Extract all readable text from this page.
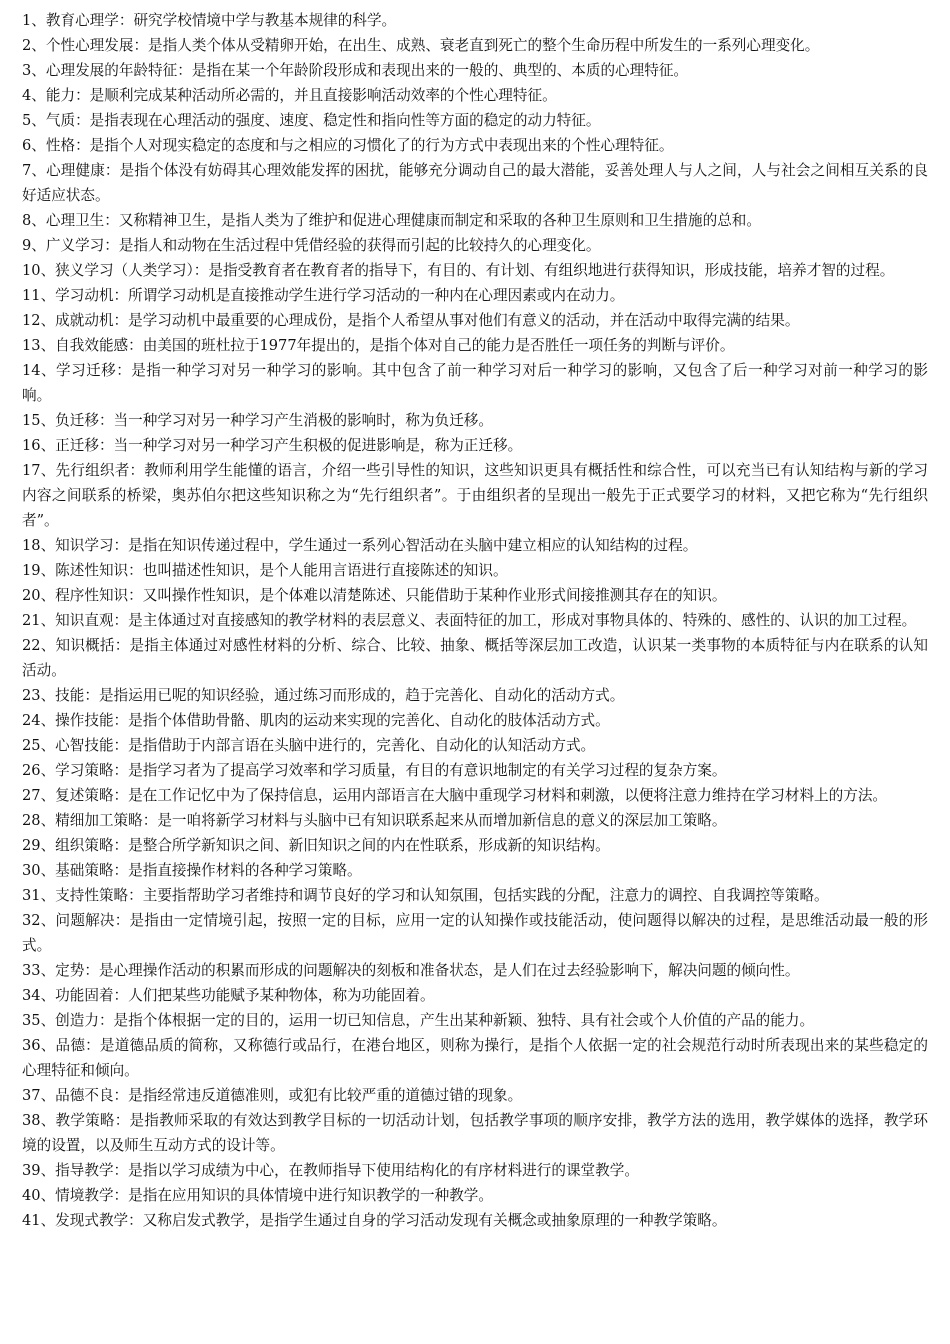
1、教育心理学：研究学校情境中学与教基本规律的科学。

2、个性心理发展：是指人类个体从受精卵开始，在出生、成熟、衰老直到死亡的整个生命历程中所发生的一系列心理变化。

3、心理发展的年龄特征：是指在某一个年龄阶段形成和表现出来的一般的、典型的、本质的心理特征。

4、能力：是顺利完成某种活动所必需的，并且直接影响活动效率的个性心理特征。

5、气质：是指表现在心理活动的强度、速度、稳定性和指向性等方面的稳定的动力特征。

6、性格：是指个人对现实稳定的态度和与之相应的习惯化了的行为方式中表现出来的个性心理特征。

7、心理健康：是指个体没有妨碍其心理效能发挥的困扰，能够充分调动自己的最大潜能，妥善处理人与人之间，人与社会之间相互关系的良好适应状态。

8、心理卫生：又称精神卫生，是指人类为了维护和促进心理健康而制定和采取的各种卫生原则和卫生措施的总和。

9、广义学习：是指人和动物在生活过程中凭借经验的获得而引起的比较持久的心理变化。

10、狭义学习（人类学习）：是指受教育者在教育者的指导下，有目的、有计划、有组织地进行获得知识，形成技能，培养才智的过程。

11、学习动机：所谓学习动机是直接推动学生进行学习活动的一种内在心理因素或内在动力。

12、成就动机：是学习动机中最重要的心理成份，是指个人希望从事对他们有意义的活动，并在活动中取得完满的结果。

13、自我效能感：由美国的班杜拉于1977年提出的，是指个体对自己的能力是否胜任一项任务的判断与评价。

14、学习迁移：是指一种学习对另一种学习的影响。其中包含了前一种学习对后一种学习的影响，又包含了后一种学习对前一种学习的影响。

15、负迁移：当一种学习对另一种学习产生消极的影响时，称为负迁移。

16、正迁移：当一种学习对另一种学习产生积极的促进影响是，称为正迁移。

17、先行组织者：教师利用学生能懂的语言，介绍一些引导性的知识，这些知识更具有概括性和综合性，可以充当已有认知结构与新的学习内容之间联系的桥梁，奥苏伯尔把这些知识称之为“先行组织者”。于由组织者的呈现出一般先于正式要学习的材料，又把它称为“先行组织者”。

18、知识学习：是指在知识传递过程中，学生通过一系列心智活动在头脑中建立相应的认知结构的过程。

19、陈述性知识：也叫描述性知识，是个人能用言语进行直接陈述的知识。

20、程序性知识：又叫操作性知识，是个体难以清楚陈述、只能借助于某种作业形式间接推测其存在的知识。

21、知识直观：是主体通过对直接感知的教学材料的表层意义、表面特征的加工，形成对事物具体的、特殊的、感性的、认识的加工过程。

22、知识概括：是指主体通过对感性材料的分析、综合、比较、抽象、概括等深层加工改造，认识某一类事物的本质特征与内在联系的认知活动。

23、技能：是指运用已呢的知识经验，通过练习而形成的，趋于完善化、自动化的活动方式。

24、操作技能：是指个体借助骨骼、肌肉的运动来实现的完善化、自动化的肢体活动方式。

25、心智技能：是指借助于内部言语在头脑中进行的，完善化、自动化的认知活动方式。

26、学习策略：是指学习者为了提高学习效率和学习质量，有目的有意识地制定的有关学习过程的复杂方案。

27、复述策略：是在工作记忆中为了保持信息，运用内部语言在大脑中重现学习材料和刺激，以便将注意力维持在学习材料上的方法。

28、精细加工策略：是一咱将新学习材料与头脑中已有知识联系起来从而增加新信息的意义的深层加工策略。

29、组织策略：是整合所学新知识之间、新旧知识之间的内在性联系，形成新的知识结构。

30、基础策略：是指直接操作材料的各种学习策略。

31、支持性策略：主要指帮助学习者维持和调节良好的学习和认知氛围，包括实践的分配，注意力的调控、自我调控等策略。

32、问题解决：是指由一定情境引起，按照一定的目标，应用一定的认知操作或技能活动，使问题得以解决的过程，是思维活动最一般的形式。

33、定势：是心理操作活动的积累而形成的问题解决的刻板和准备状态，是人们在过去经验影响下，解决问题的倾向性。

34、功能固着：人们把某些功能赋予某种物体，称为功能固着。

35、创造力：是指个体根据一定的目的，运用一切已知信息，产生出某种新颖、独特、具有社会或个人价值的产品的能力。

36、品德：是道德品质的简称，又称德行或品行，在港台地区，则称为操行，是指个人依据一定的社会规范行动时所表现出来的某些稳定的心理特征和倾向。

37、品德不良：是指经常违反道德准则，或犯有比较严重的道德过错的现象。

38、教学策略：是指教师采取的有效达到教学目标的一切活动计划，包括教学事项的顺序安排，教学方法的选用，教学媒体的选择，教学环境的设置，以及师生互动方式的设计等。

39、指导教学：是指以学习成绩为中心，在教师指导下使用结构化的有序材料进行的课堂教学。

40、情境教学：是指在应用知识的具体情境中进行知识教学的一种教学。

41、发现式教学：又称启发式教学，是指学生通过自身的学习活动发现有关概念或抽象原理的一种教学策略。
